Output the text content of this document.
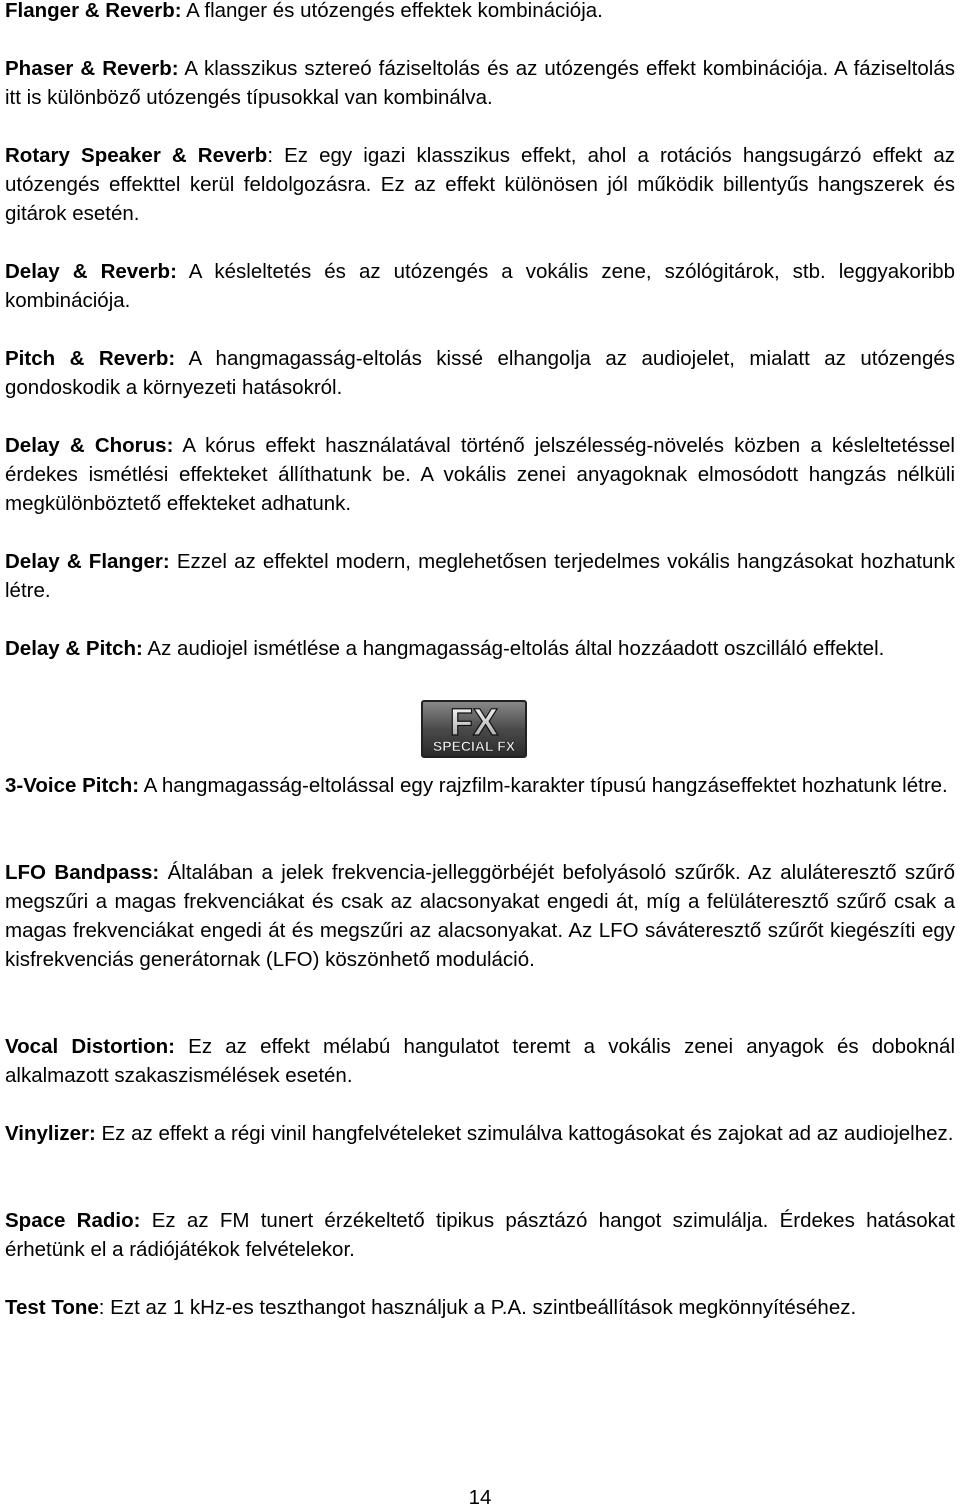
Flanger & Reverb: A flanger és utózengés effektek kombinációja.

Phaser & Reverb: A klasszikus sztereó fáziseltolás és az utózengés effekt kombinációja. A fáziseltolás itt is különböző utózengés típusokkal van kombinálva.

Rotary Speaker & Reverb: Ez egy igazi klasszikus effekt, ahol a rotációs hangsugárzó effekt az utózengés effekttel kerül feldolgozásra. Ez az effekt különösen jól működik billentyűs hangszerek és gitárok esetén.

Delay & Reverb: A késleltetés és az utózengés a vokális zene, szólógitárok, stb. leggyakoribb kombinációja.

Pitch & Reverb: A hangmagasság-eltolás kissé elhangolja az audiojelet, mialatt az utózengés gondoskodik a környezeti hatásokról.

Delay & Chorus: A kórus effekt használatával történő jelszélesség-növelés közben a késleltetéssel érdekes ismétlési effekteket állíthatunk be. A vokális zenei anyagoknak elmosódott hangzás nélküli megkülönböztető effekteket adhatunk.

Delay & Flanger: Ezzel az effektel modern, meglehetősen terjedelmes vokális hangzásokat hozhatunk létre.

Delay & Pitch: Az audiojel ismétlése a hangmagasság-eltolás által hozzáadott oszcilláló effektel.

3-Voice Pitch: A hangmagasság-eltolással egy rajzfilm-karakter típusú hangzáseffektet hozhatunk létre.

LFO Bandpass: Általában a jelek frekvencia-jelleggörbéjét befolyásoló szűrők. Az aluláteresztő szűrő megszűri a magas frekvenciákat és csak az alacsonyakat engedi át, míg a felüláteresztő szűrő csak a magas frekvenciákat engedi át és megszűri az alacsonyakat. Az LFO sáváteresztő szűrőt kiegészíti egy kisfrekvenciás generátornak (LFO) köszönhető moduláció.

Vocal Distortion: Ez az effekt mélabú hangulatot teremt a vokális zenei anyagok és doboknál alkalmazott szakaszismélések esetén.

Vinylizer: Ez az effekt a régi vinil hangfelvételeket szimulálva kattogásokat és zajokat ad az audiojelhez.

Space Radio: Ez az FM tunert érzékeltető tipikus pásztázó hangot szimulálja. Érdekes hatásokat érhetünk el a rádiójátékok felvételekor.

Test Tone: Ezt az 1 kHz-es teszthangot használjuk a P.A. szintbeállítások megkönnyítéséhez.

14
FX
SPECIAL FX
